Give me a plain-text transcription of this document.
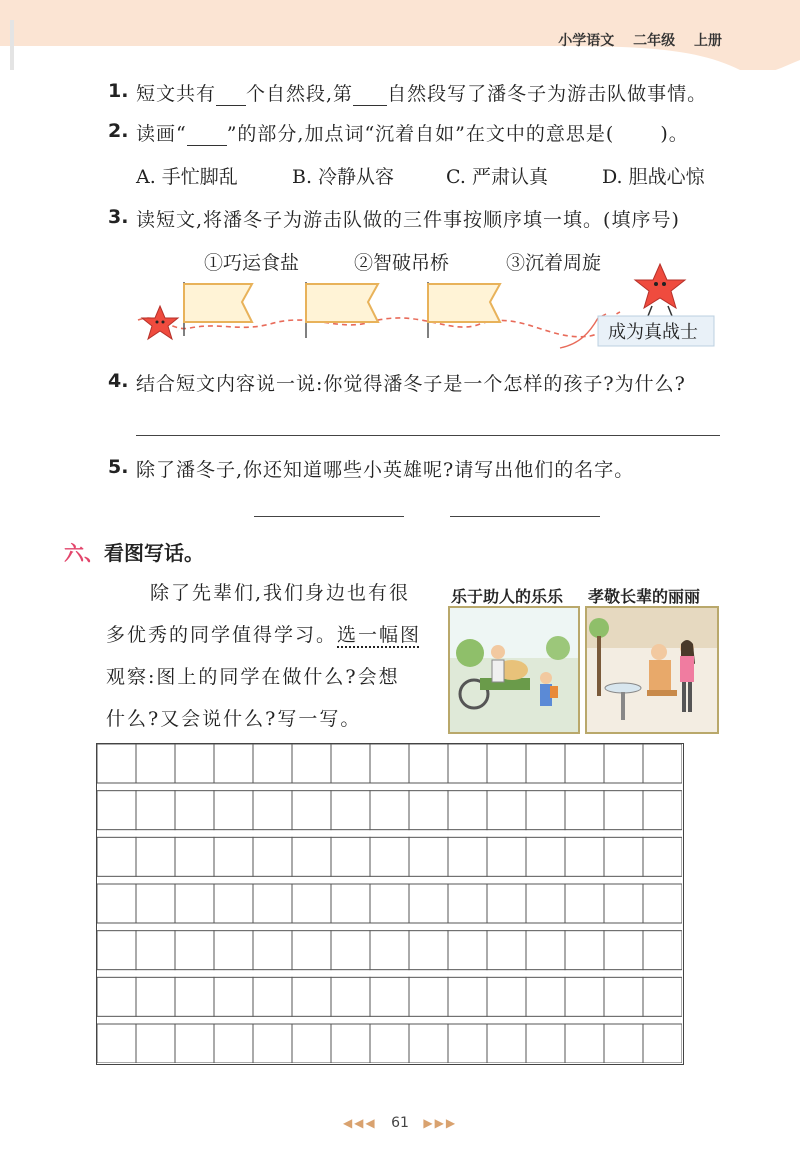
小学语文 二年级 上册
1. 短文共有 个自然段,第 自然段写了潘冬子为游击队做事情。
2. 读画“ ”的部分,加点词“沉着自如”在文中的意思是( )。
A. 手忙脚乱	B. 冷静从容	C. 严肃认真	D. 胆战心惊
3. 读短文,将潘冬子为游击队做的三件事按顺序填一填。(填序号)
①巧运食盐	②智破吊桥	③沉着周旋
成为真战士
4. 结合短文内容说一说:你觉得潘冬子是一个怎样的孩子?为什么?
5. 除了潘冬子,你还知道哪些小英雄呢?请写出他们的名字。
六、看图写话。
除了先辈们,我们身边也有很
多优秀的同学值得学习。选一幅图
观察:图上的同学在做什么?会想
什么?又会说什么?写一写。
乐于助人的乐乐 孝敬长辈的丽丽
◀◀◀ 61 ▶▶▶
